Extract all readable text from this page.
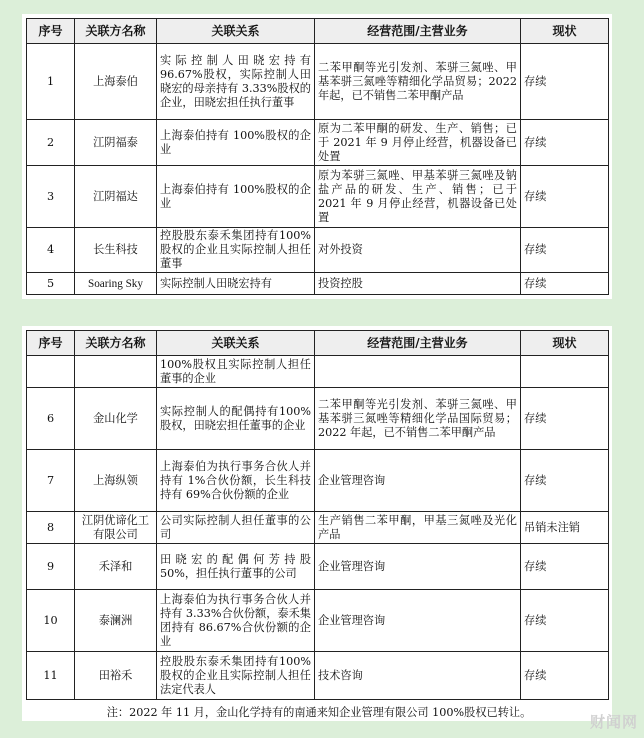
序号	关联方名称	关联关系	经营范围/主营业务	现状
1	上海泰伯	实际控制人田晓宏持有96.67%股权，实际控制人田晓宏的母亲持有 3.33%股权的企业，田晓宏担任执行董事	二苯甲酮等光引发剂、苯骈三氮唑、甲基苯骈三氮唑等精细化学品贸易；2022 年起，已不销售二苯甲酮产品	存续
2	江阴福泰	上海泰伯持有 100%股权的企业	原为二苯甲酮的研发、生产、销售；已于 2021 年 9 月停止经营，机器设备已处置	存续
3	江阴福达	上海泰伯持有 100%股权的企业	原为苯骈三氮唑、甲基苯骈三氮唑及钠盐产品的研发、生产、销售；已于 2021 年 9 月停止经营，机器设备已处置	存续
4	长生科技	控股股东泰禾集团持有100%股权的企业且实际控制人担任董事	对外投资	存续
5	Soaring Sky	实际控制人田晓宏持有	投资控股	存续
序号	关联方名称	关联关系	经营范围/主营业务	现状
		100%股权且实际控制人担任董事的企业		
6	金山化学	实际控制人的配偶持有100%股权，田晓宏担任董事的企业	二苯甲酮等光引发剂、苯骈三氮唑、甲基苯骈三氮唑等精细化学品国际贸易；2022 年起，已不销售二苯甲酮产品	存续
7	上海纵领	上海泰伯为执行事务合伙人并持有 1%合伙份额，长生科技持有 69%合伙份额的企业	企业管理咨询	存续
8	江阴优谛化工有限公司	公司实际控制人担任董事的公司	生产销售二苯甲酮，甲基三氮唑及光化产品	吊销未注销
9	禾泽和	田晓宏的配偶何芳持股 50%，担任执行董事的公司	企业管理咨询	存续
10	泰澜洲	上海泰伯为执行事务合伙人并持有 3.33%合伙份额，泰禾集团持有 86.67%合伙份额的企业	企业管理咨询	存续
11	田裕禾	控股股东泰禾集团持有100%股权的企业且实际控制人担任法定代表人	技术咨询	存续
注：2022 年 11 月，金山化学持有的南通来知企业管理有限公司 100%股权已转让。
财闻网
